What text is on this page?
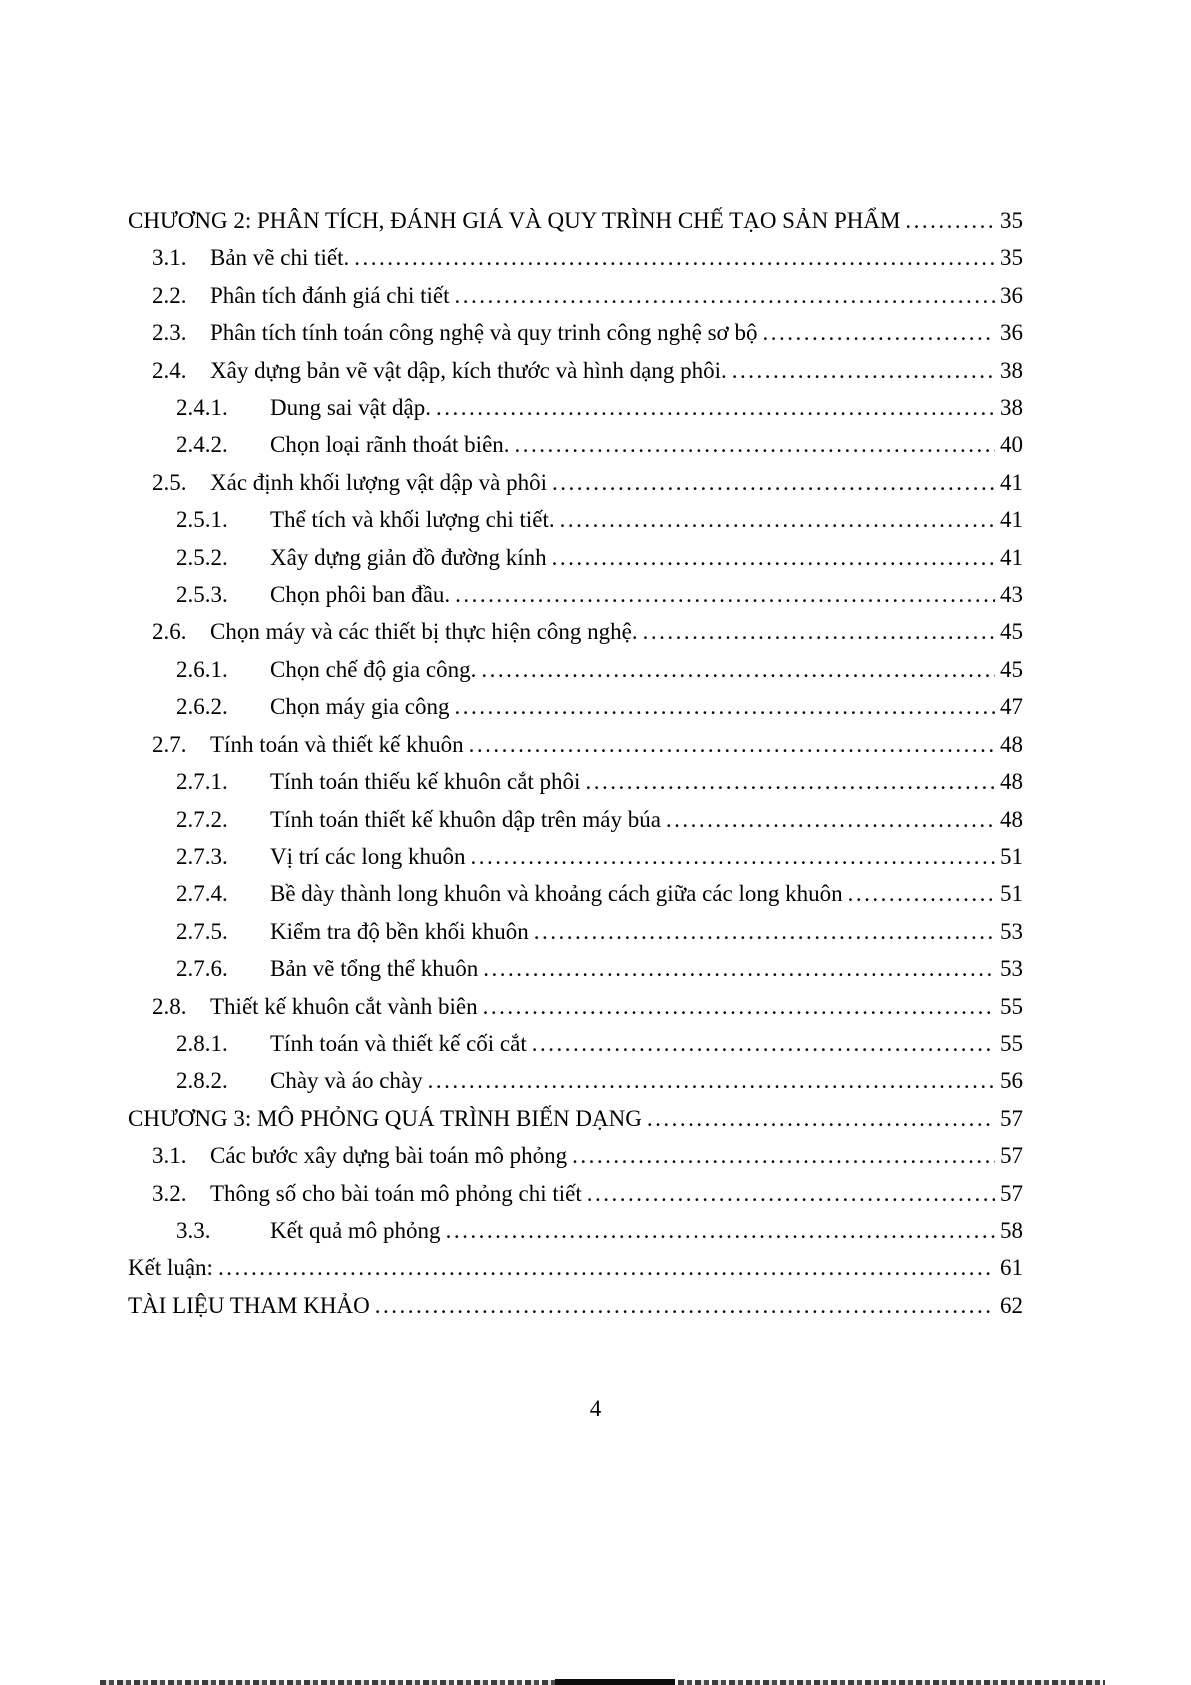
CHƯƠNG 2: PHÂN TÍCH, ĐÁNH GIÁ VÀ QUY TRÌNH CHẾ TẠO SẢN PHẨM .....	35
3.1.	Bản vẽ chi tiết. .....	35
2.2.	Phân tích đánh giá chi tiết .....	36
2.3.	Phân tích tính toán công nghệ và quy trinh công nghệ sơ bộ .....	36
2.4.	Xây dựng bản vẽ vật dập, kích thước và hình dạng phôi. .....	38
2.4.1.	Dung sai vật dập. .....	38
2.4.2.	Chọn loại rãnh thoát biên. .....	40
2.5.	Xác định khối lượng vật dập và phôi .....	41
2.5.1.	Thể tích và khối lượng chi tiết. .....	41
2.5.2.	Xây dựng giản đồ đường kính .....	41
2.5.3.	Chọn phôi ban đầu. .....	43
2.6.	Chọn máy và các thiết bị thực hiện công nghệ. .....	45
2.6.1.	Chọn chế độ gia công. .....	45
2.6.2.	Chọn máy gia công .....	47
2.7.	Tính toán và thiết kế khuôn .....	48
2.7.1.	Tính toán thiếu kế khuôn cắt phôi .....	48
2.7.2.	Tính toán thiết kế khuôn dập trên máy búa .....	48
2.7.3.	Vị trí các long khuôn .....	51
2.7.4.	Bề dày thành long khuôn và khoảng cách giữa các long khuôn .....	51
2.7.5.	Kiểm tra độ bền khối khuôn .....	53
2.7.6.	Bản vẽ tổng thể khuôn .....	53
2.8.	Thiết kế khuôn cắt vành biên .....	55
2.8.1.	Tính toán và thiết kế cối cắt .....	55
2.8.2.	Chày và áo chày .....	56
CHƯƠNG 3: MÔ PHỎNG QUÁ TRÌNH BIẾN DẠNG .....	57
3.1.	Các bước xây dựng bài toán mô phỏng .....	57
3.2.	Thông số cho bài toán mô phỏng chi tiết .....	57
3.3.	Kết quả mô phỏng .....	58
Kết luận: .....	61
TÀI LIỆU THAM KHẢO .....	62
4
